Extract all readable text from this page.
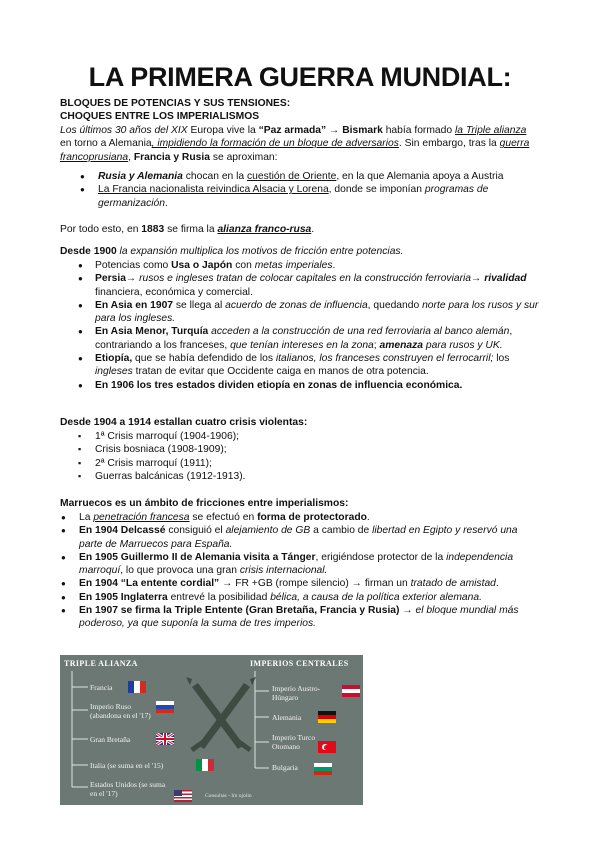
LA PRIMERA GUERRA MUNDIAL:
BLOQUES DE POTENCIAS Y SUS TENSIONES:
CHOQUES ENTRE LOS IMPERIALISMOS
Los últimos 30 años del XIX Europa vive la “Paz armada” → Bismark había formado la Triple alianza en torno a Alemania, impidiendo la formación de un bloque de adversarios. Sin embargo, tras la guerra francoprusiana, Francia y Rusia se aproximan:
● Rusia y Alemania chocan en la cuestión de Oriente, en la que Alemania apoya a Austria
● La Francia nacionalista reivindica Alsacia y Lorena, donde se imponían programas de germanización.
Por todo esto, en 1883 se firma la alianza franco-rusa.
Desde 1900 la expansión multiplica los motivos de fricción entre potencias.
● Potencias como Usa o Japón con metas imperiales.
● Persia→ rusos e ingleses tratan de colocar capitales en la construcción ferroviaria→ rivalidad financiera, económica y comercial.
● En Asia en 1907 se llega al acuerdo de zonas de influencia, quedando norte para los rusos y sur para los ingleses.
● En Asia Menor, Turquía acceden a la construcción de una red ferroviaria al banco alemán, contrariando a los franceses, que tenían intereses en la zona; amenaza para rusos y UK.
● Etiopía, que se había defendido de los italianos, los franceses construyen el ferrocarril; los ingleses tratan de evitar que Occidente caiga en manos de otra potencia.
● En 1906 los tres estados dividen etiopía en zonas de influencia económica.
Desde 1904 a 1914 estallan cuatro crisis violentas:
▪ 1ª Crisis marroquí (1904-1906);
▪ Crisis bosniaca (1908-1909);
▪ 2ª Crisis marroquí (1911);
▪ Guerras balcánicas (1912-1913).
Marruecos es un ámbito de fricciones entre imperialismos:
● La penetración francesa se efectuó en forma de protectorado.
● En 1904 Delcassé consiguió el alejamiento de GB a cambio de libertad en Egipto y reservó una parte de Marruecos para España.
● En 1905 Guillermo II de Alemania visita a Tánger, erigiéndose protector de la independencia marroquí, lo que provoca una gran crisis internacional.
● En 1904 “La entente cordial” → FR +GB (rompe silencio) → firman un tratado de amistad.
● En 1905 Inglaterra entrevé la posibilidad bélica, a causa de la política exterior alemana.
● En 1907 se firma la Triple Entente (Gran Bretaña, Francia y Rusia) → el bloque mundial más poderoso, ya que suponía la suma de tres imperios.
TRIPLE ALIANZA	IMPERIOS CENTRALES
Francia
Imperio Ruso (abandona en el '17)
Gran Bretaña
Italia (se suma en el '15)
Estados Unidos (se suma en el '17)
Imperio Austro-Húngaro
Alemania
Imperio Turco Otomano
Bulgaria
Consultas - Im ujolin
